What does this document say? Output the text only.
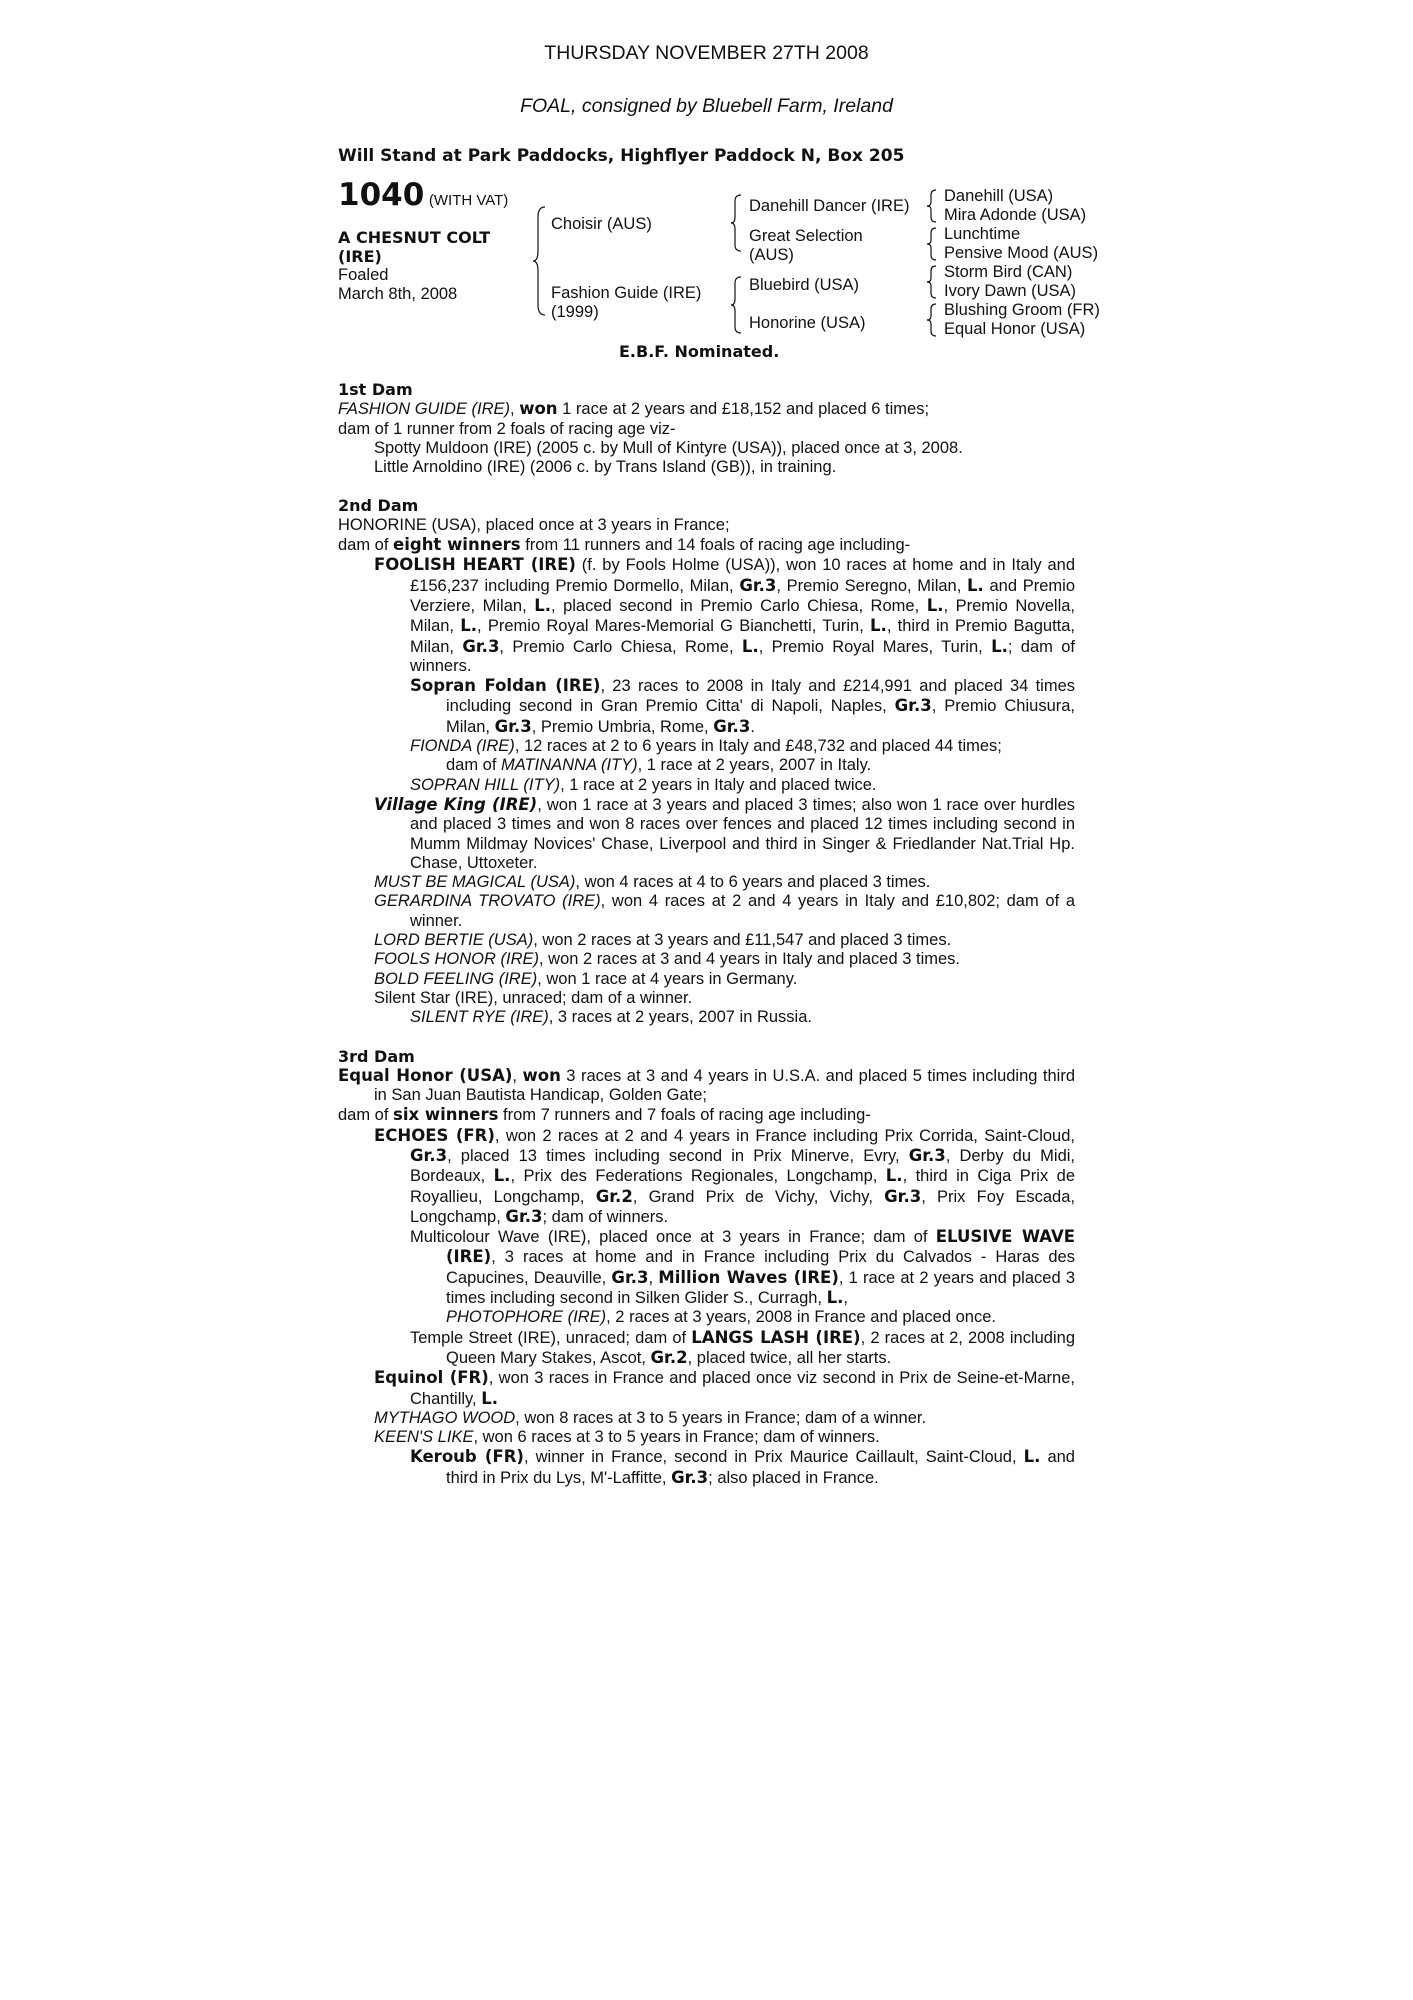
THURSDAY NOVEMBER 27TH 2008
FOAL, consigned by Bluebell Farm, Ireland
Will Stand at Park Paddocks, Highflyer Paddock N, Box 205
1040 (WITH VAT)
A CHESNUT COLT
(IRE)
Foaled
March 8th, 2008
Choisir (AUS)
Fashion Guide (IRE)
(1999)
Danehill Dancer (IRE)
Great Selection
(AUS)
Bluebird (USA)
Honorine (USA)
Danehill (USA)
Mira Adonde (USA)
Lunchtime
Pensive Mood (AUS)
Storm Bird (CAN)
Ivory Dawn (USA)
Blushing Groom (FR)
Equal Honor (USA)
E.B.F. Nominated.
1st Dam
FASHION GUIDE (IRE), won 1 race at 2 years and £18,152 and placed 6 times;
dam of 1 runner from 2 foals of racing age viz-
Spotty Muldoon (IRE) (2005 c. by Mull of Kintyre (USA)), placed once at 3, 2008.
Little Arnoldino (IRE) (2006 c. by Trans Island (GB)), in training.
2nd Dam
HONORINE (USA), placed once at 3 years in France;
dam of eight winners from 11 runners and 14 foals of racing age including-
FOOLISH HEART (IRE) (f. by Fools Holme (USA)), won 10 races at home and in Italy and £156,237 including Premio Dormello, Milan, Gr.3, Premio Seregno, Milan, L. and Premio Verziere, Milan, L., placed second in Premio Carlo Chiesa, Rome, L., Premio Novella, Milan, L., Premio Royal Mares-Memorial G Bianchetti, Turin, L., third in Premio Bagutta, Milan, Gr.3, Premio Carlo Chiesa, Rome, L., Premio Royal Mares, Turin, L.; dam of winners.
Sopran Foldan (IRE), 23 races to 2008 in Italy and £214,991 and placed 34 times including second in Gran Premio Citta' di Napoli, Naples, Gr.3, Premio Chiusura, Milan, Gr.3, Premio Umbria, Rome, Gr.3.
FIONDA (IRE), 12 races at 2 to 6 years in Italy and £48,732 and placed 44 times;
dam of MATINANNA (ITY), 1 race at 2 years, 2007 in Italy.
SOPRAN HILL (ITY), 1 race at 2 years in Italy and placed twice.
Village King (IRE), won 1 race at 3 years and placed 3 times; also won 1 race over hurdles and placed 3 times and won 8 races over fences and placed 12 times including second in Mumm Mildmay Novices' Chase, Liverpool and third in Singer & Friedlander Nat.Trial Hp. Chase, Uttoxeter.
MUST BE MAGICAL (USA), won 4 races at 4 to 6 years and placed 3 times.
GERARDINA TROVATO (IRE), won 4 races at 2 and 4 years in Italy and £10,802; dam of a winner.
LORD BERTIE (USA), won 2 races at 3 years and £11,547 and placed 3 times.
FOOLS HONOR (IRE), won 2 races at 3 and 4 years in Italy and placed 3 times.
BOLD FEELING (IRE), won 1 race at 4 years in Germany.
Silent Star (IRE), unraced; dam of a winner.
SILENT RYE (IRE), 3 races at 2 years, 2007 in Russia.
3rd Dam
Equal Honor (USA), won 3 races at 3 and 4 years in U.S.A. and placed 5 times including third in San Juan Bautista Handicap, Golden Gate;
dam of six winners from 7 runners and 7 foals of racing age including-
ECHOES (FR), won 2 races at 2 and 4 years in France including Prix Corrida, Saint-Cloud, Gr.3, placed 13 times including second in Prix Minerve, Evry, Gr.3, Derby du Midi, Bordeaux, L., Prix des Federations Regionales, Longchamp, L., third in Ciga Prix de Royallieu, Longchamp, Gr.2, Grand Prix de Vichy, Vichy, Gr.3, Prix Foy Escada, Longchamp, Gr.3; dam of winners.
Multicolour Wave (IRE), placed once at 3 years in France; dam of ELUSIVE WAVE (IRE), 3 races at home and in France including Prix du Calvados - Haras des Capucines, Deauville, Gr.3, Million Waves (IRE), 1 race at 2 years and placed 3 times including second in Silken Glider S., Curragh, L.,
PHOTOPHORE (IRE), 2 races at 3 years, 2008 in France and placed once.
Temple Street (IRE), unraced; dam of LANGS LASH (IRE), 2 races at 2, 2008 including Queen Mary Stakes, Ascot, Gr.2, placed twice, all her starts.
Equinol (FR), won 3 races in France and placed once viz second in Prix de Seine-et-Marne, Chantilly, L.
MYTHAGO WOOD, won 8 races at 3 to 5 years in France; dam of a winner.
KEEN'S LIKE, won 6 races at 3 to 5 years in France; dam of winners.
Keroub (FR), winner in France, second in Prix Maurice Caillault, Saint-Cloud, L. and third in Prix du Lys, M'-Laffitte, Gr.3; also placed in France.
